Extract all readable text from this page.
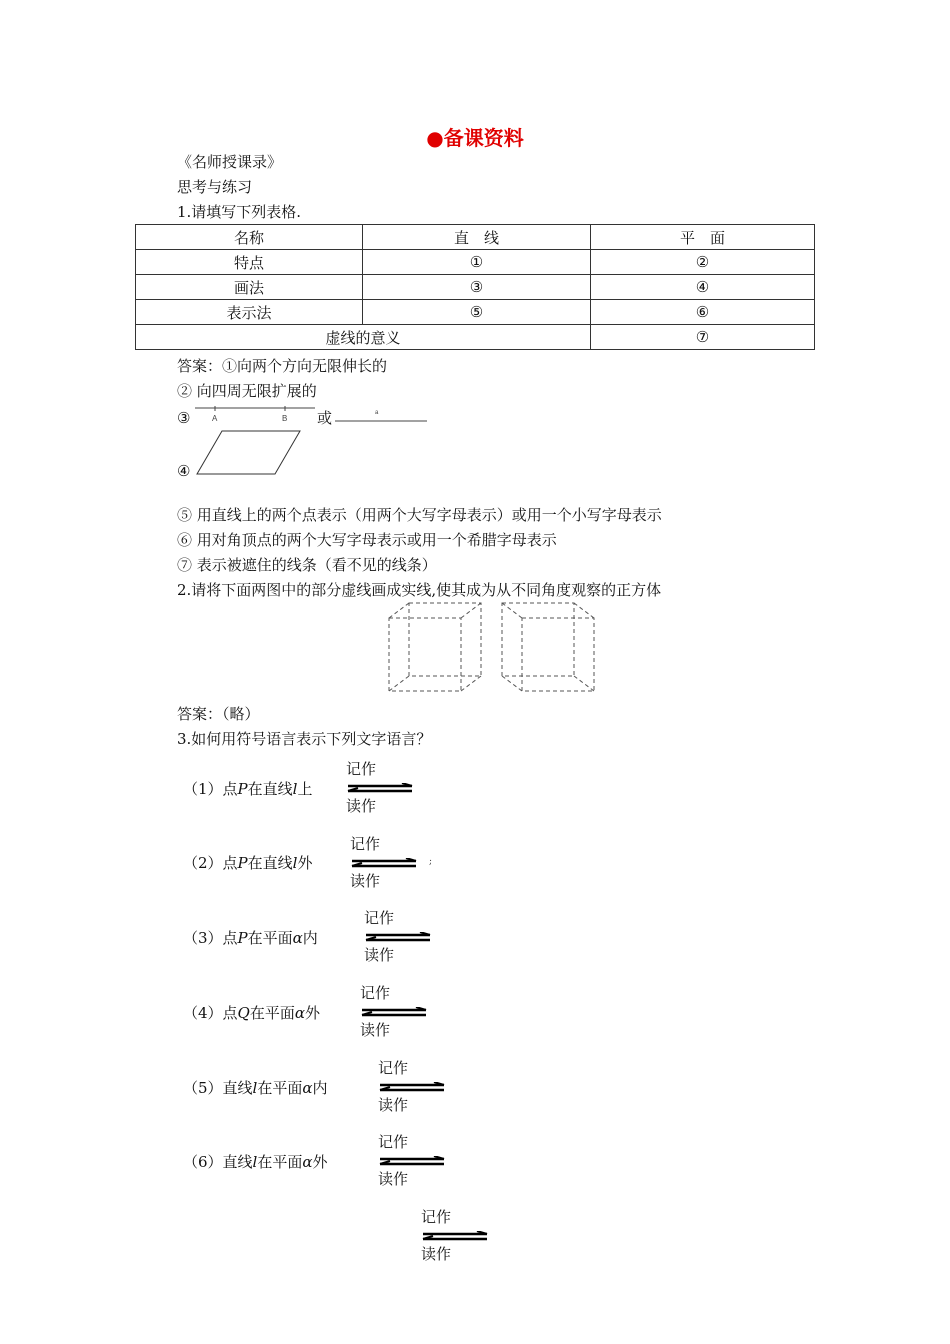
●备课资料
《名师授课录》
思考与练习
1.请填写下列表格.
名称	直　线	平　面
特点	①	②
画法	③	④
表示法	⑤	⑥
虚线的意义		⑦
答案：①向两个方向无限伸长的
② 向四周无限扩展的
③	A	B
a
或
④
⑤ 用直线上的两个点表示（用两个大写字母表示）或用一个小写字母表示
⑥ 用对角顶点的两个大写字母表示或用一个希腊字母表示
⑦ 表示被遮住的线条（看不见的线条）
2.请将下面两图中的部分虚线画成实线,使其成为从不同角度观察的正方体
答案：（略）
3.如何用符号语言表示下列文字语言？
（1）点P在直线l上
记作
读作
（2）点P在直线l外
记作
读作
;
（3）点P在平面α内
记作
读作
（4）点Q在平面α外
记作
读作
（5）直线l在平面α内
记作
读作
（6）直线l在平面α外
记作
读作
记作
读作
